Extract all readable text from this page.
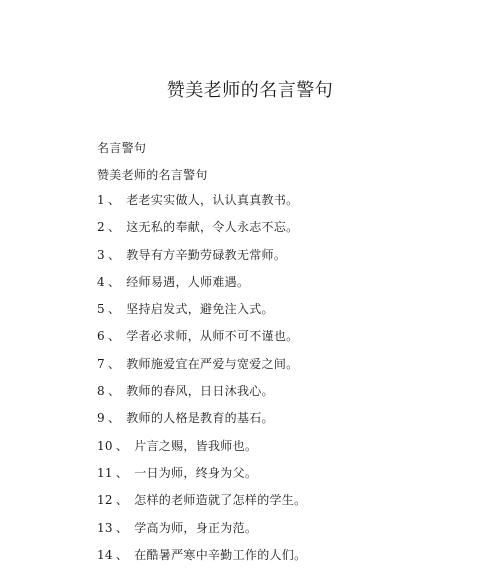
赞美老师的名言警句
名言警句
赞美老师的名言警句
1 、 老老实实做人，认认真真教书。
2 、 这无私的奉献，令人永志不忘。
3 、 教导有方辛勤劳碌教无常师。
4 、 经师易遇，人师难遇。
5 、 坚持启发式，避免注入式。
6 、 学者必求师，从师不可不谨也。
7 、 教师施爱宜在严爱与宽爱之间。
8 、 教师的春风，日日沐我心。
9 、 教师的人格是教育的基石。
10 、 片言之赐，皆我师也。
11 、 一日为师，终身为父。
12 、 怎样的老师造就了怎样的学生。
13 、 学高为师，身正为范。
14 、 在酷暑严寒中辛勤工作的人们。
